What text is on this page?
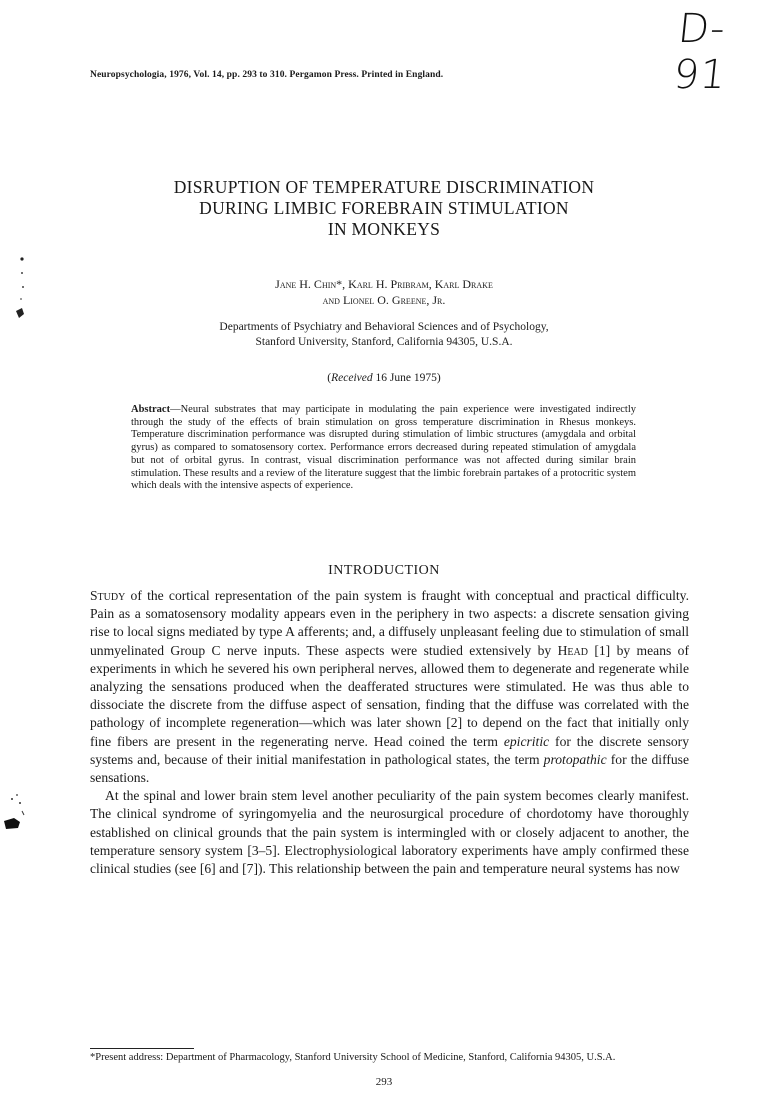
D-91
Neuropsychologia, 1976, Vol. 14, pp. 293 to 310. Pergamon Press. Printed in England.
DISRUPTION OF TEMPERATURE DISCRIMINATION
DURING LIMBIC FOREBRAIN STIMULATION
IN MONKEYS
Jane H. Chin*, Karl H. Pribram, Karl Drake
and Lionel O. Greene, Jr.
Departments of Psychiatry and Behavioral Sciences and of Psychology,
Stanford University, Stanford, California 94305, U.S.A.
(Received 16 June 1975)
Abstract—Neural substrates that may participate in modulating the pain experience were investigated indirectly through the study of the effects of brain stimulation on gross temperature discrimination in Rhesus monkeys. Temperature discrimination performance was disrupted during stimulation of limbic structures (amygdala and orbital gyrus) as compared to somatosensory cortex. Performance errors decreased during repeated stimulation of amygdala but not of orbital gyrus. In contrast, visual discrimination performance was not affected during similar brain stimulation. These results and a review of the literature suggest that the limbic forebrain partakes of a protocritic system which deals with the intensive aspects of experience.
INTRODUCTION

Study of the cortical representation of the pain system is fraught with conceptual and practical difficulty. Pain as a somatosensory modality appears even in the periphery in two aspects: a discrete sensation giving rise to local signs mediated by type A afferents; and, a diffusely unpleasant feeling due to stimulation of small unmyelinated Group C nerve inputs. These aspects were studied extensively by Head [1] by means of experiments in which he severed his own peripheral nerves, allowed them to degenerate and regenerate while analyzing the sensations produced when the deafferated structures were stimulated. He was thus able to dissociate the discrete from the diffuse aspect of sensation, finding that the diffuse was correlated with the pathology of incomplete regeneration—which was later shown [2] to depend on the fact that initially only fine fibers are present in the regenerating nerve. Head coined the term epicritic for the discrete sensory systems and, because of their initial manifestation in pathological states, the term protopathic for the diffuse sensations.

At the spinal and lower brain stem level another peculiarity of the pain system becomes clearly manifest. The clinical syndrome of syringomyelia and the neurosurgical procedure of chordotomy have thoroughly established on clinical grounds that the pain system is intermingled with or closely adjacent to another, the temperature sensory system [3–5]. Electrophysiological laboratory experiments have amply confirmed these clinical studies (see [6] and [7]). This relationship between the pain and temperature neural systems has now

*Present address: Department of Pharmacology, Stanford University School of Medicine, Stanford, California 94305, U.S.A.
293
